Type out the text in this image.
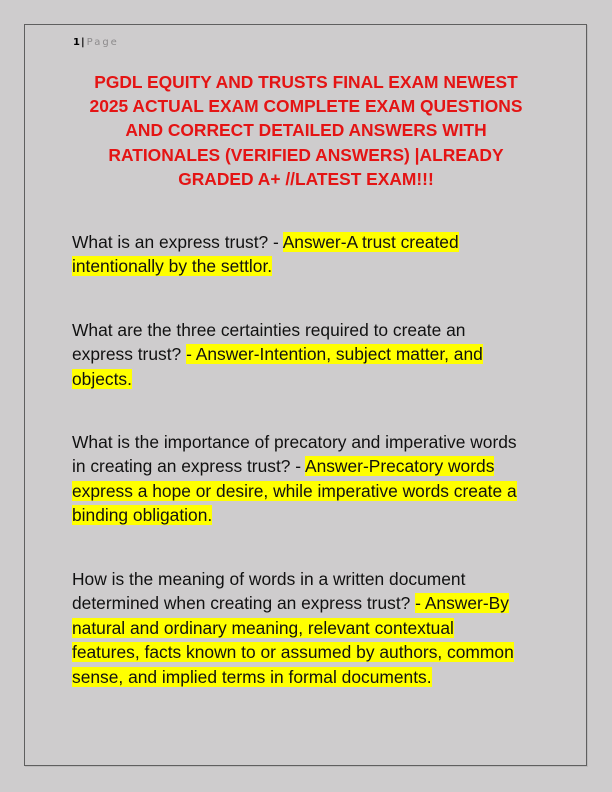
1| Page
PGDL EQUITY AND TRUSTS FINAL EXAM NEWEST
2025 ACTUAL EXAM COMPLETE EXAM QUESTIONS
AND CORRECT DETAILED ANSWERS WITH
RATIONALES (VERIFIED ANSWERS) |ALREADY
GRADED A+ //LATEST EXAM!!!
What is an express trust? - Answer-A trust created
intentionally by the settlor.
What are the three certainties required to create an
express trust? - Answer-Intention, subject matter, and
objects.
What is the importance of precatory and imperative words
in creating an express trust? - Answer-Precatory words
express a hope or desire, while imperative words create a
binding obligation.
How is the meaning of words in a written document
determined when creating an express trust? - Answer-By
natural and ordinary meaning, relevant contextual
features, facts known to or assumed by authors, common
sense, and implied terms in formal documents.
